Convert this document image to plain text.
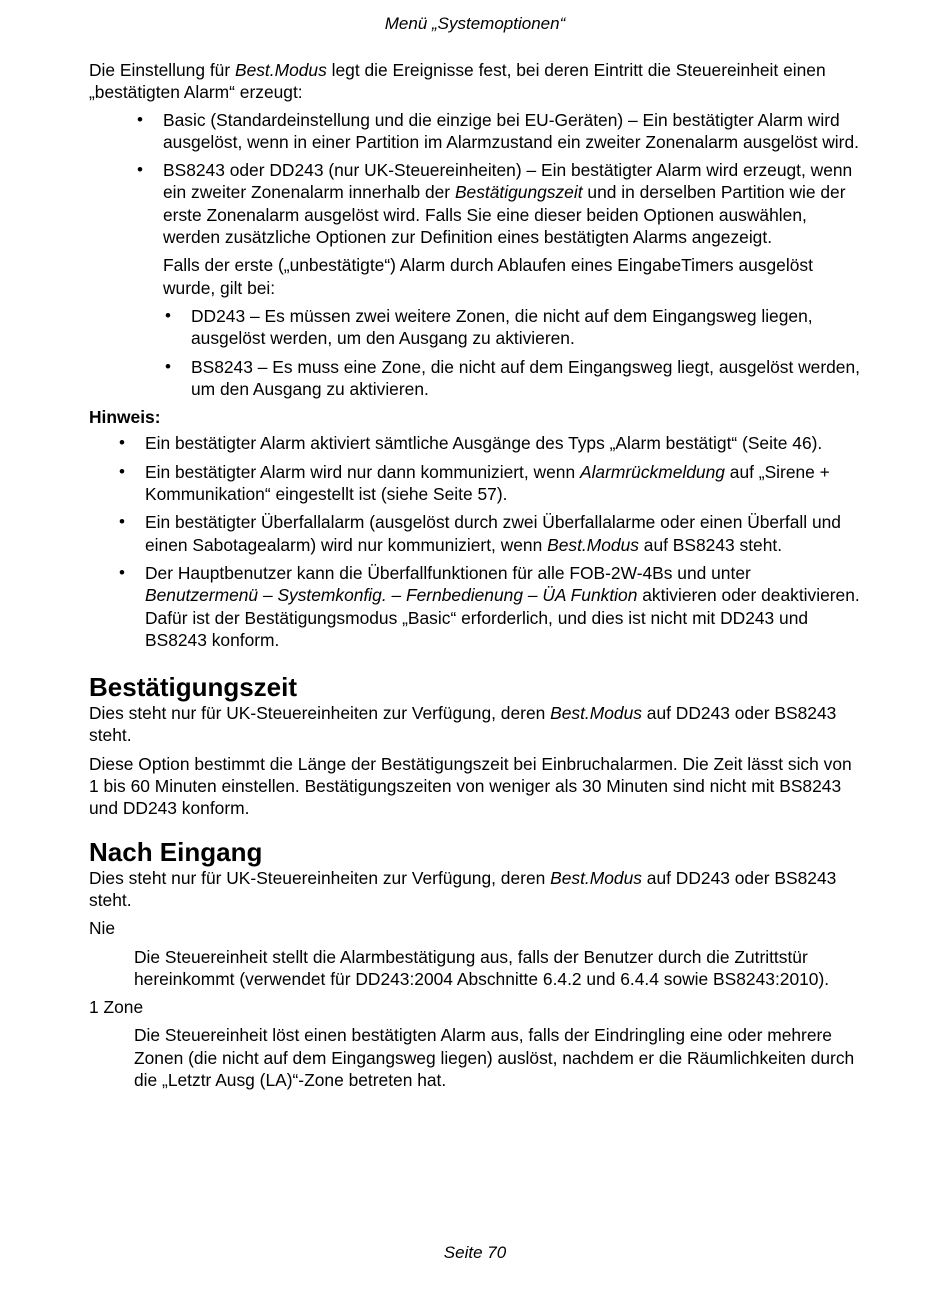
Menü „Systemoptionen“

Die Einstellung für Best.Modus legt die Ereignisse fest, bei deren Eintritt die Steuereinheit einen „bestätigten Alarm“ erzeugt:

• Basic (Standardeinstellung und die einzige bei EU-Geräten) – Ein bestätigter Alarm wird ausgelöst, wenn in einer Partition im Alarmzustand ein zweiter Zonenalarm ausgelöst wird.
• BS8243 oder DD243 (nur UK-Steuereinheiten) – Ein bestätigter Alarm wird erzeugt, wenn ein zweiter Zonenalarm innerhalb der Bestätigungszeit und in derselben Partition wie der erste Zonenalarm ausgelöst wird. Falls Sie eine dieser beiden Optionen auswählen, werden zusätzliche Optionen zur Definition eines bestätigten Alarms angezeigt.

Falls der erste („unbestätigte“) Alarm durch Ablaufen eines EingabeTimers ausgelöst wurde, gilt bei:

• DD243 – Es müssen zwei weitere Zonen, die nicht auf dem Eingangsweg liegen, ausgelöst werden, um den Ausgang zu aktivieren.
• BS8243 – Es muss eine Zone, die nicht auf dem Eingangsweg liegt, ausgelöst werden, um den Ausgang zu aktivieren.

Hinweis:

• Ein bestätigter Alarm aktiviert sämtliche Ausgänge des Typs „Alarm bestätigt“ (Seite 46).
• Ein bestätigter Alarm wird nur dann kommuniziert, wenn Alarmrückmeldung auf „Sirene + Kommunikation“ eingestellt ist (siehe Seite 57).
• Ein bestätigter Überfallalarm (ausgelöst durch zwei Überfallalarme oder einen Überfall und einen Sabotagealarm) wird nur kommuniziert, wenn Best.Modus auf BS8243 steht.
• Der Hauptbenutzer kann die Überfallfunktionen für alle FOB-2W-4Bs und unter Benutzermenü – Systemkonfig. – Fernbedienung – ÜA Funktion aktivieren oder deaktivieren. Dafür ist der Bestätigungsmodus „Basic“ erforderlich, und dies ist nicht mit DD243 und BS8243 konform.
Bestätigungszeit

Dies steht nur für UK-Steuereinheiten zur Verfügung, deren Best.Modus auf DD243 oder BS8243 steht.

Diese Option bestimmt die Länge der Bestätigungszeit bei Einbruchalarmen. Die Zeit lässt sich von 1 bis 60 Minuten einstellen. Bestätigungszeiten von weniger als 30 Minuten sind nicht mit BS8243 und DD243 konform.

Nach Eingang

Dies steht nur für UK-Steuereinheiten zur Verfügung, deren Best.Modus auf DD243 oder BS8243 steht.

Nie

Die Steuereinheit stellt die Alarmbestätigung aus, falls der Benutzer durch die Zutrittstür hereinkommt (verwendet für DD243:2004 Abschnitte 6.4.2 und 6.4.4 sowie BS8243:2010).

1 Zone

Die Steuereinheit löst einen bestätigten Alarm aus, falls der Eindringling eine oder mehrere Zonen (die nicht auf dem Eingangsweg liegen) auslöst, nachdem er die Räumlichkeiten durch die „Letztr Ausg (LA)“-Zone betreten hat.

Seite 70
